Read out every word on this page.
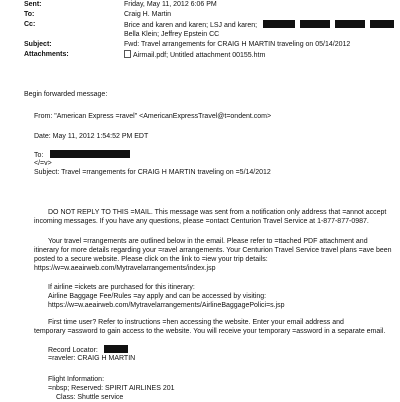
Sent:	Friday, May 11, 2012 6:06 PM
To:	Craig H. Martin
Cc:	Brice and karen and karen; LSJ and karen;
Bella Klein; Jeffrey Epstein CC
Subject:	Fwd: Travel arrangements for CRAIG H MARTIN traveling on 05/14/2012
Attachments:	Airmail.pdf; Untitled attachment 00155.htm
Begin forwarded message:
From: "American Express =ravel" <AmericanExpressTravel@t=ondent.com>
Date: May 11, 2012 1:54:52 PM EDT
To:
</=v>
Subject: Travel =rrangements for CRAIG H MARTIN traveling on =5/14/2012
DO NOT REPLY TO THIS =MAIL. This message was sent from a notification only address that =annot accept
incoming messages. If you have any questions, please =ontact Centurion Travel Service at 1-877-877-0987.
Your travel =rrangements are outlined below in the email. Please refer to =ttached PDF attachment and
itinerary for more details regarding your =ravel arrangements. Your Centurion Travel Service travel plans =ave been
posted to a secure website. Please click on the link to =iew your trip details:
https://w=w.aeairweb.com/Mytravelarrangements/index.jsp
If airline =ickets are purchased for this itinerary:
Airline Baggage Fee/Rules =ay apply and can be accessed by visiting:
https://w=w.aeairweb.com/Mytravelarrangements/AirlineBaggagePolici=s.jsp
First time user? Refer to instructions =hen accessing the website. Enter your email address and
temporary =assword to gain access to the website. You will receive your temporary =assword in a separate email.
Record Locator:
=raveler: CRAIG H MARTIN
Flight Information:
=nbsp; Reserved: SPIRIT AIRLINES 201
Class: Shuttle service
